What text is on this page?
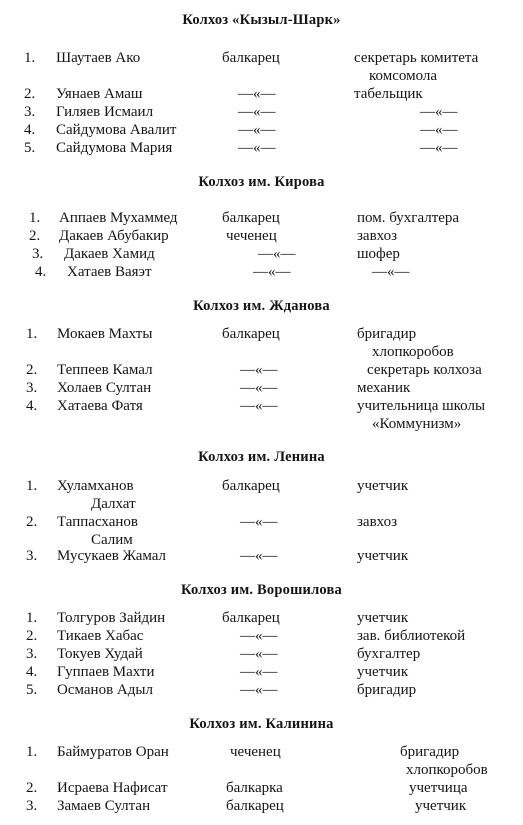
Колхоз «Кызыл-Шарк»
1. Шаутаев Ако	балкарец	секретарь комитета
комсомола
2. Уянаев Амаш	—«—	табельщик
3. Гиляев Исмаил	—«—	—«—
4. Сайдумова Авалит	—«—	—«—
5. Сайдумова Мария	—«—	—«—
Колхоз им. Кирова
1. Аппаев Мухаммед	балкарец	пом. бухгалтера
2. Дакаев Абубакир	чеченец	завхоз
3. Дакаев Хамид	—«—	шофер
4. Хатаев Ваяэт	—«—	—«—
Колхоз им. Жданова
1. Мокаев Махты	балкарец	бригадир
хлопкоробов
2. Теппеев Камал	—«—	секретарь колхоза
3. Холаев Султан	—«—	механик
4. Хатаева Фатя	—«—	учительница школы
«Коммунизм»
Колхоз им. Ленина
1. Хуламханов	балкарец	учетчик
Далхат
2. Таппасханов	—«—	завхоз
Салим
3. Мусукаев Жамал	—«—	учетчик
Колхоз им. Ворошилова
1. Толгуров Зайдин	балкарец	учетчик
2. Тикаев Хабас	—«—	зав. библиотекой
3. Токуев Худай	—«—	бухгалтер
4. Гуппаев Махти	—«—	учетчик
5. Османов Адыл	—«—	бригадир
Колхоз им. Калинина
1. Баймуратов Оран	чеченец	бригадир
хлопкоробов
2. Исраева Нафисат	балкарка	учетчица
3. Замаев Султан	балкарец	учетчик
